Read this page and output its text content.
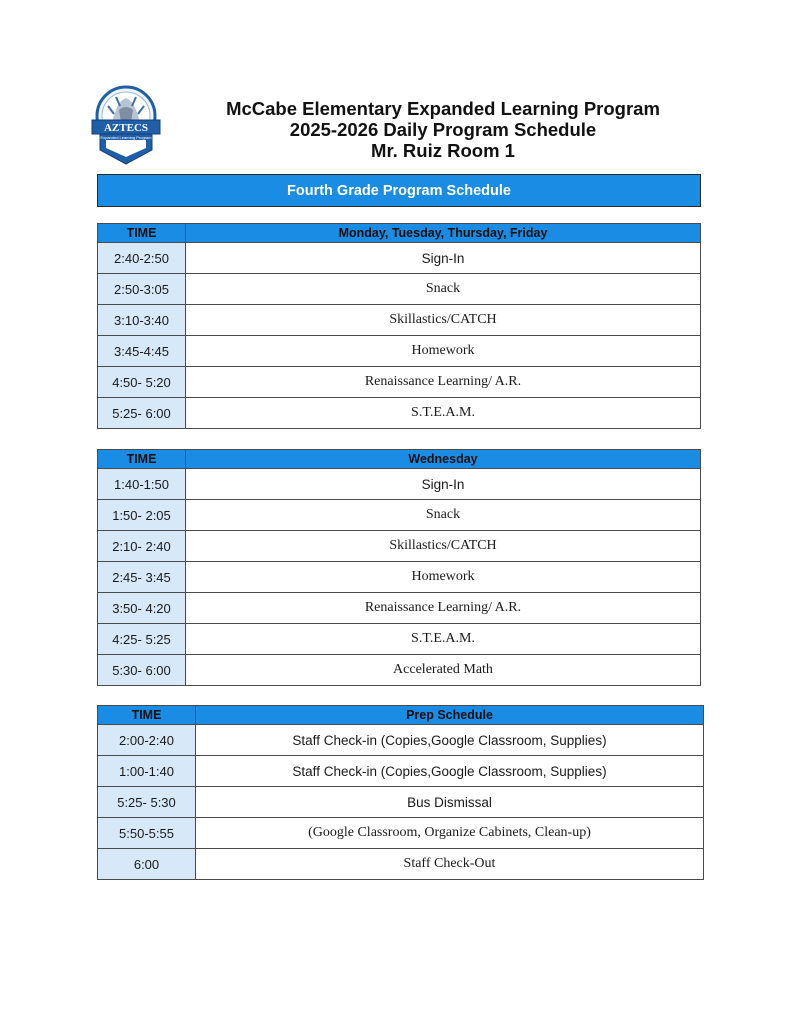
AZTECS
Expanded Learning Program
McCabe Elementary Expanded Learning Program
2025-2026 Daily Program Schedule
Mr. Ruiz Room 1
Fourth Grade Program Schedule
TIME	Monday, Tuesday, Thursday, Friday
2:40-2:50	Sign-In
2:50-3:05	Snack
3:10-3:40	Skillastics/CATCH
3:45-4:45	Homework
4:50- 5:20	Renaissance Learning/ A.R.
5:25- 6:00	S.T.E.A.M.
TIME	Wednesday
1:40-1:50	Sign-In
1:50- 2:05	Snack
2:10- 2:40	Skillastics/CATCH
2:45- 3:45	Homework
3:50- 4:20	Renaissance Learning/ A.R.
4:25- 5:25	S.T.E.A.M.
5:30- 6:00	Accelerated Math
TIME	Prep Schedule
2:00-2:40	Staff Check-in (Copies,Google Classroom, Supplies)
1:00-1:40	Staff Check-in (Copies,Google Classroom, Supplies)
5:25- 5:30	Bus Dismissal
5:50-5:55	(Google Classroom, Organize Cabinets, Clean-up)
6:00	Staff Check-Out
